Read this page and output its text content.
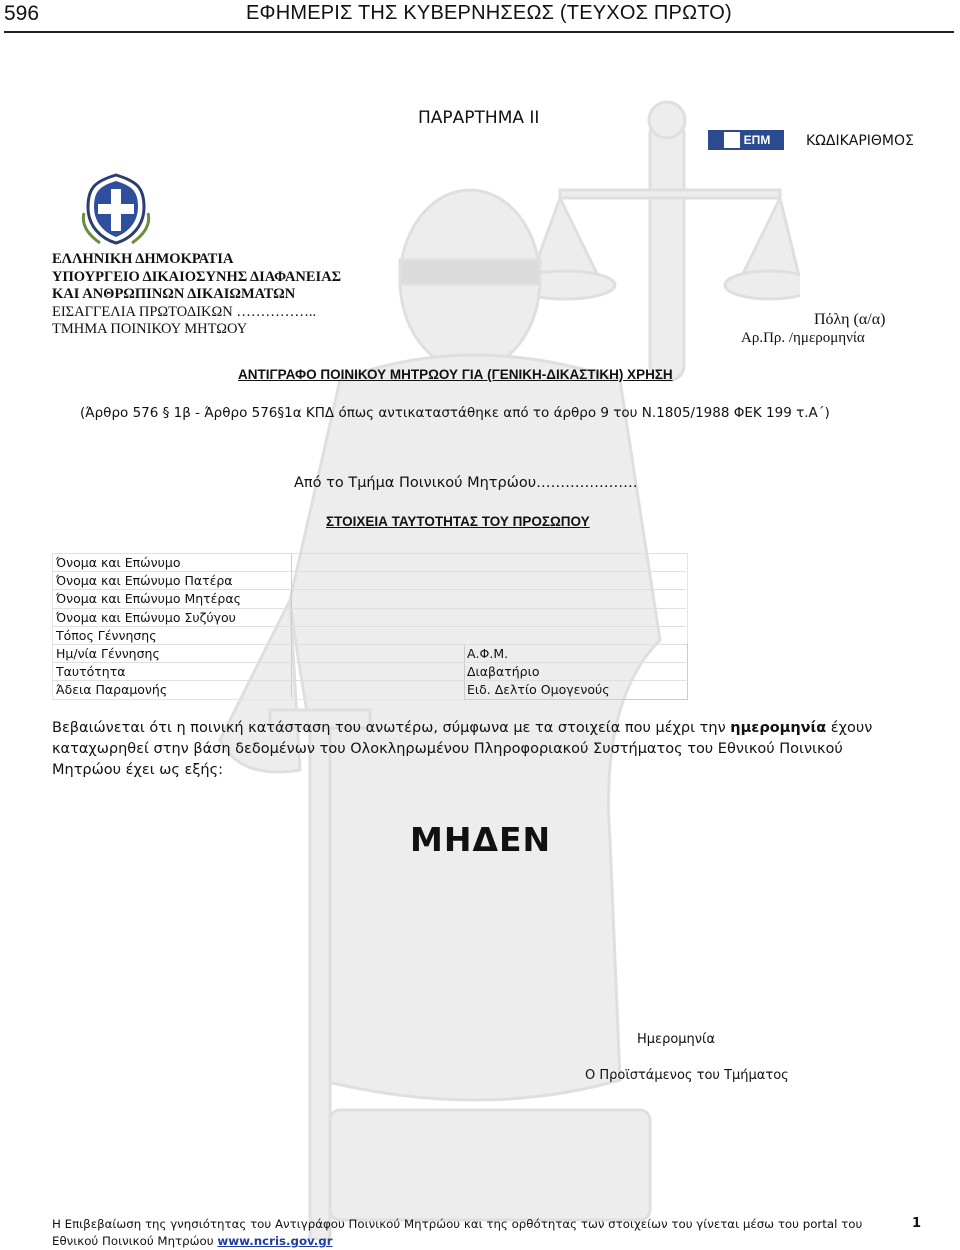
596	ΕΦΗΜΕΡΙΣ ΤΗΣ ΚΥΒΕΡΝΗΣΕΩΣ (ΤΕΥΧΟΣ ΠΡΩΤΟ)
ΠΑΡΑΡΤΗΜΑ ΙΙ
ΕΠΜ	ΚΩΔΙΚΑΡΙΘΜΟΣ
ΕΛΛΗΝΙΚΗ ΔΗΜΟΚΡΑΤΙΑ
ΥΠΟΥΡΓΕΙΟ ΔΙΚΑΙΟΣΥΝΗΣ ΔΙΑΦΑΝΕΙΑΣ
ΚΑΙ ΑΝΘΡΩΠΙΝΩΝ ΔΙΚΑΙΩΜΑΤΩΝ
ΕΙΣΑΓΓΕΛΙΑ ΠΡΩΤΟΔΙΚΩΝ ……………..
ΤΜΗΜΑ ΠΟΙΝΙΚΟΥ ΜΗΤΩΟΥ
Πόλη (α/α)
Αρ.Πρ. /ημερομηνία
ΑΝΤΙΓΡΑΦΟ ΠΟΙΝΙΚΟΥ ΜΗΤΡΩΟΥ ΓΙΑ (ΓΕΝΙΚΗ-ΔΙΚΑΣΤΙΚΗ) ΧΡΗΣΗ
(Άρθρο 576 § 1β - Άρθρο 576§1α ΚΠΔ όπως αντικαταστάθηκε από το άρθρο 9 του Ν.1805/1988 ΦΕΚ 199 τ.Α΄)
Από το Τμήμα Ποινικού Μητρώου…………………
ΣΤΟΙΧΕΙΑ ΤΑΥΤΟΤΗΤΑΣ ΤΟΥ ΠΡΟΣΩΠΟΥ
Όνομα και Επώνυμο
Όνομα και Επώνυμο Πατέρα
Όνομα και Επώνυμο Μητέρας
Όνομα και Επώνυμο Συζύγου
Τόπος Γέννησης
Ημ/νία Γέννησης	Α.Φ.Μ.
Ταυτότητα	Διαβατήριο
Άδεια Παραμονής	Ειδ. Δελτίο Ομογενούς
Βεβαιώνεται ότι η ποινική κατάσταση του ανωτέρω, σύμφωνα με τα στοιχεία που μέχρι την ημερομηνία έχουν καταχωρηθεί στην βάση δεδομένων του Ολοκληρωμένου Πληροφοριακού Συστήματος του Εθνικού Ποινικού Μητρώου έχει ως εξής:
ΜΗΔΕΝ
Ημερομηνία
Ο Προϊστάμενος του Τμήματος
Η Επιβεβαίωση της γνησιότητας του Αντιγράφου Ποινικού Μητρώου και της ορθότητας των στοιχείων του γίνεται μέσω του portal του Εθνικού Ποινικού Μητρώου www.ncris.gov.gr
1
